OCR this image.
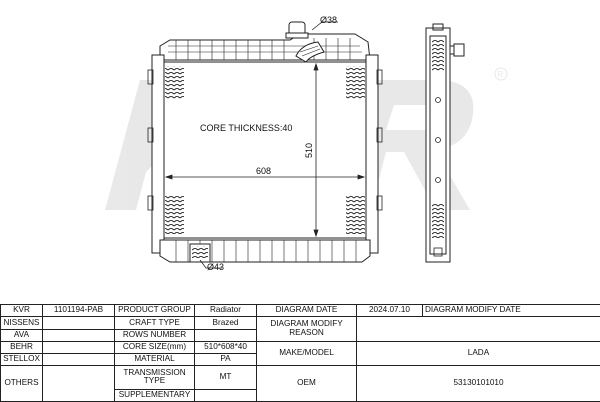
R
CORE THICKNESS:40
608
510
Ø38
Ø43
KVR	1101194-PAB	PRODUCT GROUP	Radiator	DIAGRAM DATE	2024.07.10	DIAGRAM MODIFY DATE
NISSENS		CRAFT TYPE	Brazed	DIAGRAM MODIFY REASON		
AVA		ROWS NUMBER				
BEHR		CORE SIZE(mm)	510*608*40	MAKE/MODEL	LADA	
STELLOX		MATERIAL	PA			
OTHERS		TRANSMISSION TYPE	MT	OEM	53130101010	
		SUPPLEMENTARY				
